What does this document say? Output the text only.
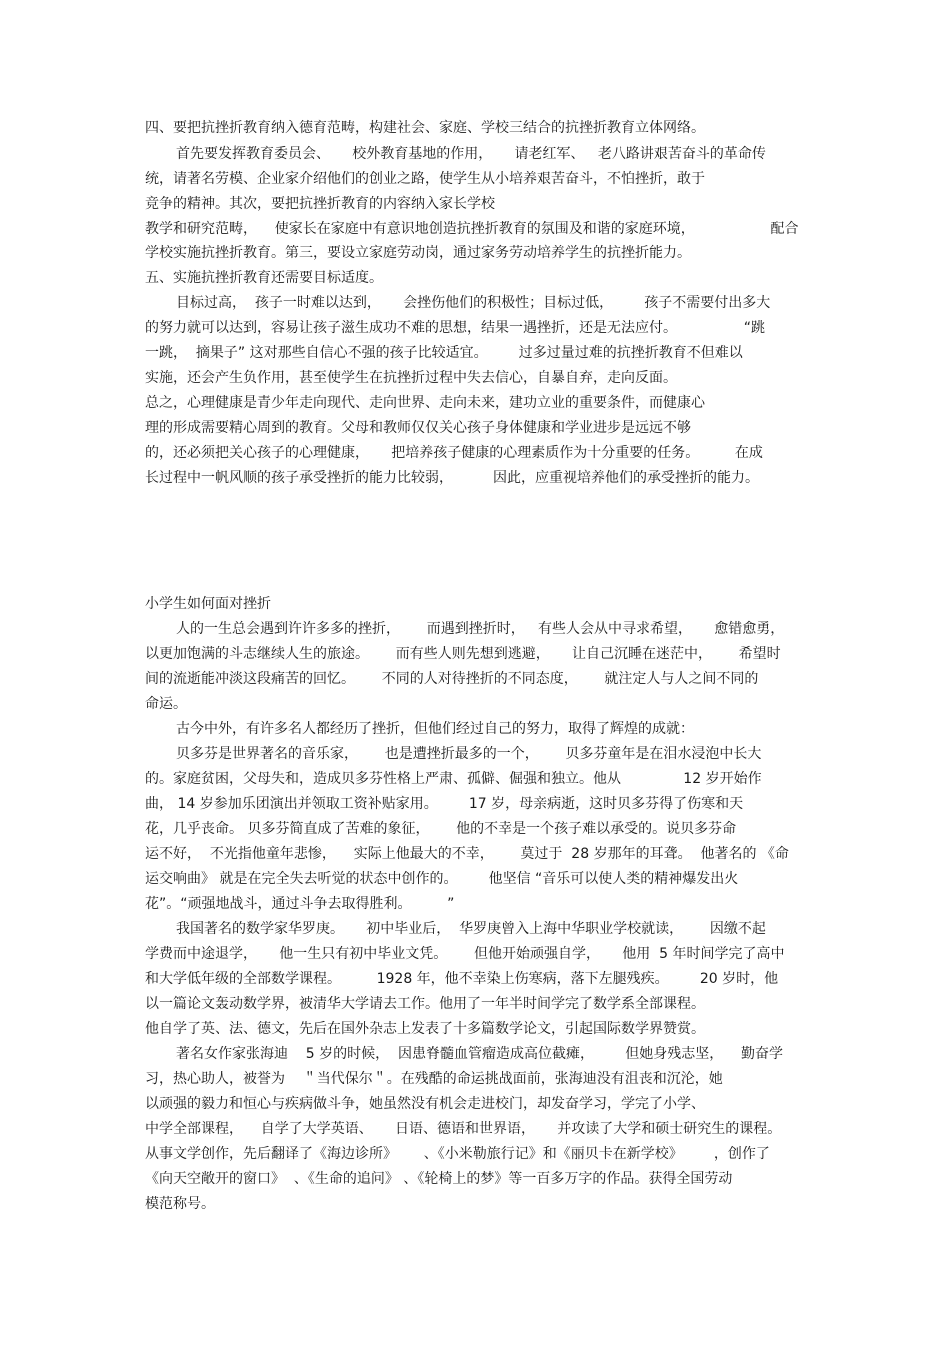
四、要把抗挫折教育纳入德育范畴，构建社会、家庭、学校三结合的抗挫折教育立体网络。

首先要发挥教育委员会、     校外教育基地的作用，     请老红军、   老八路讲艰苦奋斗的革命传

统，请著名劳模、企业家介绍他们的创业之路，使学生从小培养艰苦奋斗，不怕挫折，敢于

竞争的精神。其次，要把抗挫折教育的内容纳入家长学校

教学和研究范畴，    使家长在家庭中有意识地创造抗挫折教育的氛围及和谐的家庭环境，                 配合

学校实施抗挫折教育。第三，要设立家庭劳动岗，通过家务劳动培养学生的抗挫折能力。

五、实施抗挫折教育还需要目标适度。

目标过高，  孩子一时难以达到，     会挫伤他们的积极性；目标过低，       孩子不需要付出多大

的努力就可以达到，容易让孩子滋生成功不难的思想，结果一遇挫折，还是无法应付。               “跳

一跳，  摘果子” 这对那些自信心不强的孩子比较适宜。       过多过量过难的抗挫折教育不但难以

实施，还会产生负作用，甚至使学生在抗挫折过程中失去信心，自暴自弃，走向反面。

总之，心理健康是青少年走向现代、走向世界、走向未来，建功立业的重要条件，而健康心

理的形成需要精心周到的教育。父母和教师仅仅关心孩子身体健康和学业进步是远远不够

的，还必须把关心孩子的心理健康，     把培养孩子健康的心理素质作为十分重要的任务。        在成

长过程中一帆风顺的孩子承受挫折的能力比较弱，         因此，应重视培养他们的承受挫折的能力。

小学生如何面对挫折

人的一生总会遇到许许多多的挫折，      而遇到挫折时，   有些人会从中寻求希望，     愈错愈勇，

以更加饱满的斗志继续人生的旅途。      而有些人则先想到逃避，     让自己沉睡在迷茫中，      希望时

间的流逝能冲淡这段痛苦的回忆。      不同的人对待挫折的不同态度，      就注定人与人之间不同的

命运。

古今中外，有许多名人都经历了挫折，但他们经过自己的努力，取得了辉煌的成就：

贝多芬是世界著名的音乐家，      也是遭挫折最多的一个，      贝多芬童年是在泪水浸泡中长大

的。家庭贫困，父母失和，造成贝多芬性格上严肃、孤僻、倔强和独立。他从              12 岁开始作

曲， 14 岁参加乐团演出并领取工资补贴家用。       17 岁，母亲病逝，这时贝多芬得了伤寒和天

花，几乎丧命。 贝多芬简直成了苦难的象征，      他的不幸是一个孩子难以承受的。说贝多芬命

运不好，  不光指他童年悲惨，    实际上他最大的不幸，      莫过于  28 岁那年的耳聋。  他著名的 《命

运交响曲》 就是在完全失去听觉的状态中创作的。       他坚信 “音乐可以使人类的精神爆发出火

花”。“顽强地战斗，通过斗争去取得胜利。        ”

我国著名的数学家华罗庚。     初中毕业后，  华罗庚曾入上海中华职业学校就读，      因缴不起

学费而中途退学，     他一生只有初中毕业文凭。      但他开始顽强自学，     他用  5 年时间学完了高中

和大学低年级的全部数学课程。        1928 年，他不幸染上伤寒病，落下左腿残疾。       20 岁时，他

以一篇论文轰动数学界，被清华大学请去工作。他用了一年半时间学完了数学系全部课程。

他自学了英、法、德文，先后在国外杂志上发表了十多篇数学论文，引起国际数学界赞赏。

著名女作家张海迪    5 岁的时候，  因患脊髓血管瘤造成高位截瘫，       但她身残志坚，    勤奋学

习，热心助人，被誉为    ＂当代保尔＂。在残酷的命运挑战面前，张海迪没有沮丧和沉沦，她

以顽强的毅力和恒心与疾病做斗争，她虽然没有机会走进校门，却发奋学习，学完了小学、

中学全部课程，    自学了大学英语、     日语、德语和世界语，     并攻读了大学和硕士研究生的课程。

从事文学创作，先后翻译了《海边诊所》      、《小米勒旅行记》和《丽贝卡在新学校》       ，创作了

《向天空敞开的窗口》  、《生命的追问》 、《轮椅上的梦》等一百多万字的作品。获得全国劳动

模范称号。
